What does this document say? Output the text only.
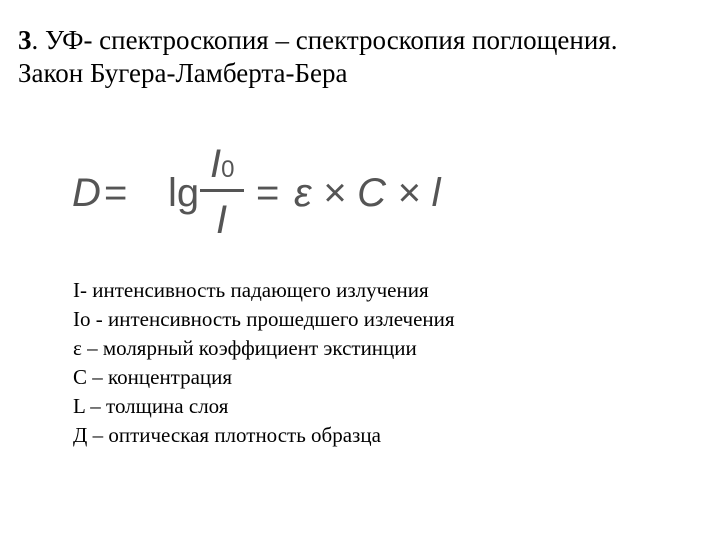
3. УФ- спектроскопия – спектроскопия поглощения.
Закон Бугера-Ламберта-Бера
D = lg
I0
I
= ε × C × l
I- интенсивность падающего излучения
Io - интенсивность прошедшего излечения
ε – молярный коэффициент экстинции
С – концентрация
L – толщина слоя
Д – оптическая плотность образца
